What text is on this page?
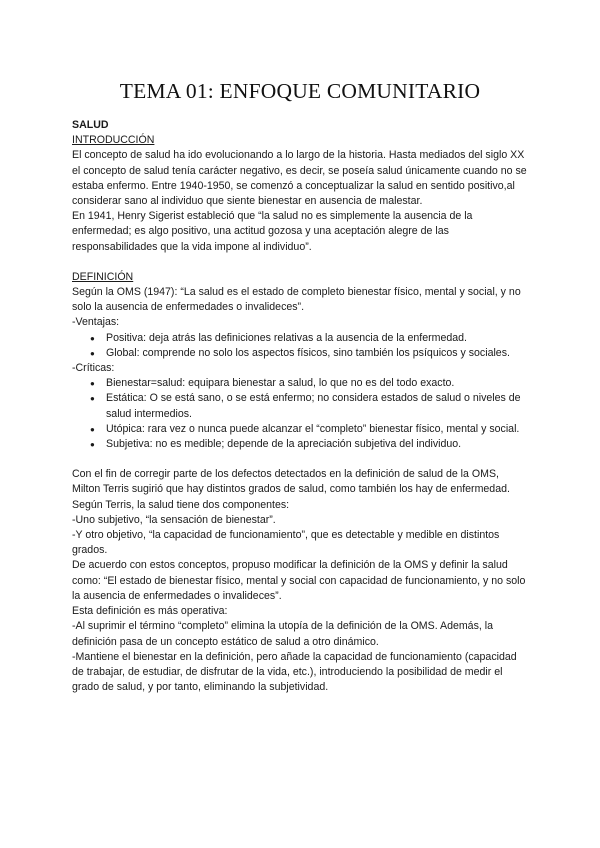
TEMA 01: ENFOQUE COMUNITARIO

SALUD

INTRODUCCIÓN

El concepto de salud ha ido evolucionando a lo largo de la historia. Hasta mediados del siglo XX el concepto de salud tenía carácter negativo, es decir, se poseía salud únicamente cuando no se estaba enfermo. Entre 1940-1950, se comenzó a conceptualizar la salud en sentido positivo,al considerar sano al individuo que siente bienestar en ausencia de malestar.

En 1941, Henry Sigerist estableció que “la salud no es simplemente la ausencia de la enfermedad; es algo positivo, una actitud gozosa y una aceptación alegre de las responsabilidades que la vida impone al individuo”.

DEFINICIÓN

Según la OMS (1947): “La salud es el estado de completo bienestar físico, mental y social, y no solo la ausencia de enfermedades o invalideces”.

-Ventajas:

● Positiva: deja atrás las definiciones relativas a la ausencia de la enfermedad.
● Global: comprende no solo los aspectos físicos, sino también los psíquicos y sociales.

-Críticas:

● Bienestar=salud: equipara bienestar a salud, lo que no es del todo exacto.
● Estática: O se está sano, o se está enfermo; no considera estados de salud o niveles de salud intermedios.
● Utópica: rara vez o nunca puede alcanzar el “completo” bienestar físico, mental y social.
● Subjetiva: no es medible; depende de la apreciación subjetiva del individuo.

Con el fin de corregir parte de los defectos detectados en la definición de salud de la OMS, Milton Terris sugirió que hay distintos grados de salud, como también los hay de enfermedad.

Según Terris, la salud tiene dos componentes:

-Uno subjetivo, “la sensación de bienestar”.

-Y otro objetivo, “la capacidad de funcionamiento”, que es detectable y medible en distintos grados.

De acuerdo con estos conceptos, propuso modificar la definición de la OMS y definir la salud como: “El estado de bienestar físico, mental y social con capacidad de funcionamiento, y no solo la ausencia de enfermedades o invalideces”.

Esta definición es más operativa:

-Al suprimir el término “completo” elimina la utopía de la definición de la OMS. Además, la definición pasa de un concepto estático de salud a otro dinámico.

-Mantiene el bienestar en la definición, pero añade la capacidad de funcionamiento (capacidad de trabajar, de estudiar, de disfrutar de la vida, etc.), introduciendo la posibilidad de medir el grado de salud, y por tanto, eliminando la subjetividad.
